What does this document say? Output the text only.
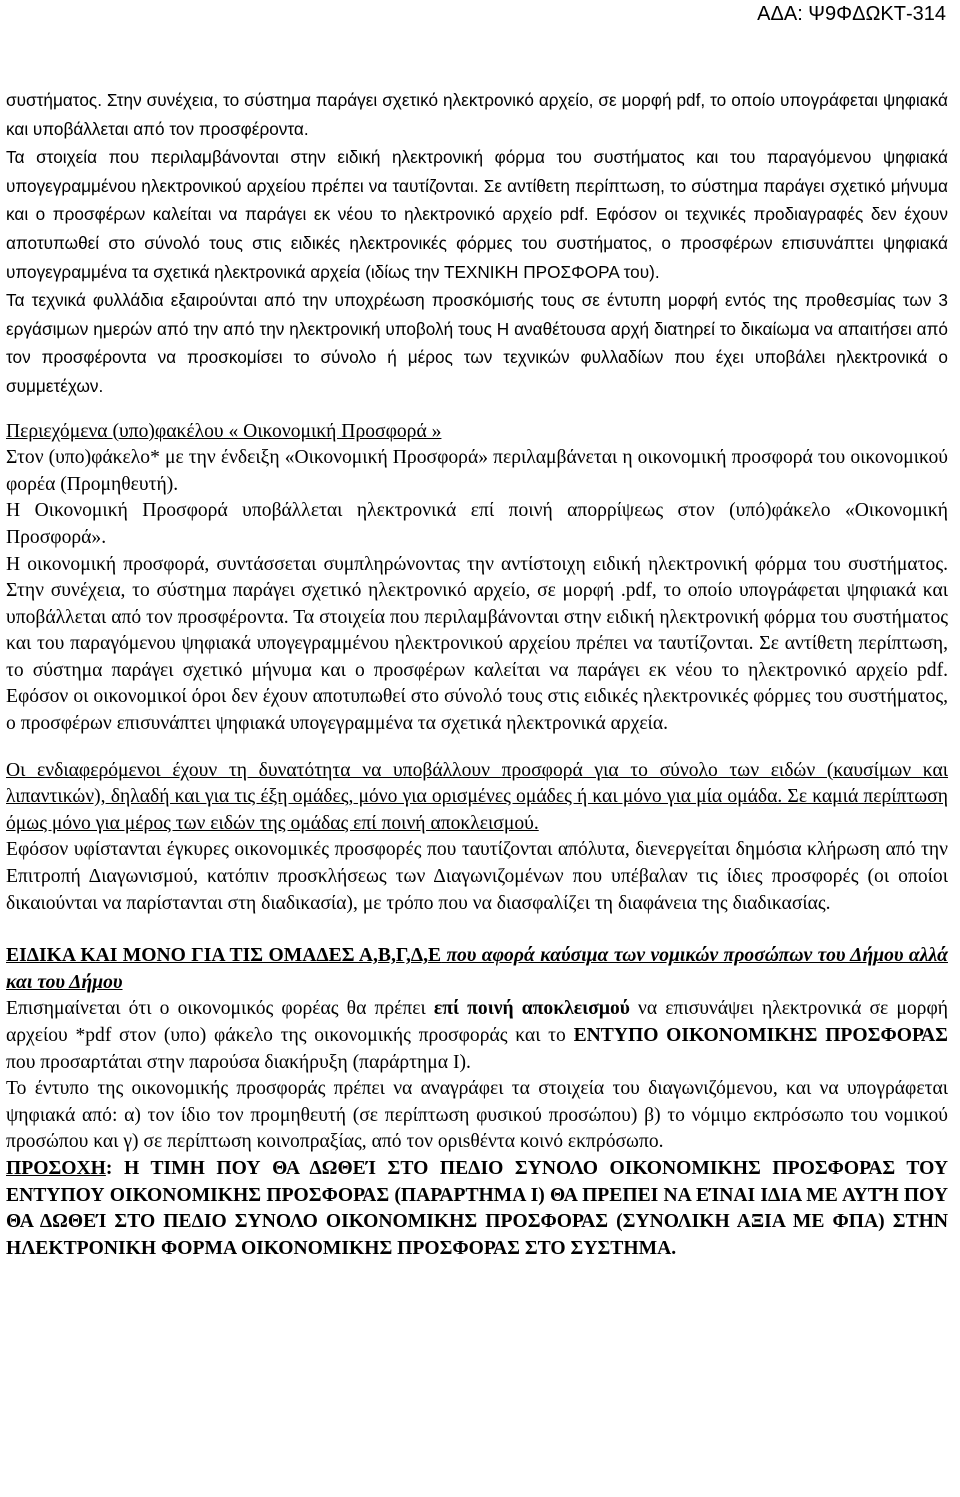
ΑΔΑ: Ψ9ΦΔΩΚΤ-314

συστήματος. Στην συνέχεια, το σύστημα παράγει σχετικό ηλεκτρονικό αρχείο, σε μορφή pdf, το οποίο υπογράφεται ψηφιακά και υποβάλλεται από τον προσφέροντα.

Τα στοιχεία που περιλαμβάνονται στην ειδική ηλεκτρονική φόρμα του συστήματος και του παραγόμενου ψηφιακά υπογεγραμμένου ηλεκτρονικού αρχείου πρέπει να ταυτίζονται. Σε αντίθετη περίπτωση, το σύστημα παράγει σχετικό μήνυμα και ο προσφέρων καλείται να παράγει εκ νέου το ηλεκτρονικό αρχείο pdf. Εφόσον οι τεχνικές προδιαγραφές δεν έχουν αποτυπωθεί στο σύνολό τους στις ειδικές ηλεκτρονικές φόρμες του συστήματος, ο προσφέρων επισυνάπτει ψηφιακά υπογεγραμμένα τα σχετικά ηλεκτρονικά αρχεία (ιδίως την ΤΕΧΝΙΚΗ ΠΡΟΣΦΟΡΑ του).

Τα τεχνικά φυλλάδια εξαιρούνται από την υποχρέωση προσκόμισής τους σε έντυπη μορφή εντός της προθεσμίας των 3 εργάσιμων ημερών από την από την ηλεκτρονική υποβολή τους Η αναθέτουσα αρχή διατηρεί το δικαίωμα να απαιτήσει από τον προσφέροντα να προσκομίσει το σύνολο ή μέρος των τεχνικών φυλλαδίων που έχει υποβάλει ηλεκτρονικά ο συμμετέχων.

Περιεχόμενα (υπο)φακέλου « Οικονομική Προσφορά »

Στον (υπο)φάκελο* με την ένδειξη «Οικονομική Προσφορά» περιλαμβάνεται η οικονομική προσφορά του οικονομικού φορέα (Προμηθευτή).

Η Οικονομική Προσφορά υποβάλλεται ηλεκτρονικά επί ποινή απορρίψεως στον (υπό)φάκελο «Οικονομική Προσφορά».

Η οικονομική προσφορά, συντάσσεται συμπληρώνοντας την αντίστοιχη ειδική ηλεκτρονική φόρμα του συστήματος. Στην συνέχεια, το σύστημα παράγει σχετικό ηλεκτρονικό αρχείο, σε μορφή .pdf, το οποίο υπογράφεται ψηφιακά και υποβάλλεται από τον προσφέροντα. Τα στοιχεία που περιλαμβάνονται στην ειδική ηλεκτρονική φόρμα του συστήματος και του παραγόμενου ψηφιακά υπογεγραμμένου ηλεκτρονικού αρχείου πρέπει να ταυτίζονται. Σε αντίθετη περίπτωση, το σύστημα παράγει σχετικό μήνυμα και ο προσφέρων καλείται να παράγει εκ νέου το ηλεκτρονικό αρχείο pdf. Εφόσον οι οικονομικοί όροι δεν έχουν αποτυπωθεί στο σύνολό τους στις ειδικές ηλεκτρονικές φόρμες του συστήματος, ο προσφέρων επισυνάπτει ψηφιακά υπογεγραμμένα τα σχετικά ηλεκτρονικά αρχεία.

Οι ενδιαφερόμενοι έχουν τη δυνατότητα να υποβάλλουν προσφορά για το σύνολο των ειδών (καυσίμων και λιπαντικών), δηλαδή και για τις έξη ομάδες, μόνο για ορισμένες ομάδες ή και μόνο για μία ομάδα. Σε καμιά περίπτωση όμως μόνο για μέρος των ειδών της ομάδας επί ποινή αποκλεισμού.

Εφόσον υφίστανται έγκυρες οικονομικές προσφορές που ταυτίζονται απόλυτα, διενεργείται δημόσια κλήρωση από την Επιτροπή Διαγωνισμού, κατόπιν προσκλήσεως των Διαγωνιζομένων που υπέβαλαν τις ίδιες προσφορές (οι οποίοι δικαιούνται να παρίστανται στη διαδικασία), με τρόπο που να διασφαλίζει τη διαφάνεια της διαδικασίας.

ΕΙΔΙΚΑ ΚΑΙ ΜΟΝΟ ΓΙΑ ΤΙΣ ΟΜΑΔΕΣ Α,Β,Γ,Δ,Ε που αφορά καύσιμα των νομικών προσώπων του Δήμου αλλά και του Δήμου

Επισημαίνεται ότι ο οικονομικός φορέας θα πρέπει επί ποινή αποκλεισμού να επισυνάψει ηλεκτρονικά σε μορφή αρχείου *pdf στον (υπο) φάκελο της οικονομικής προσφοράς και το ΕΝΤΥΠΟ ΟΙΚΟΝΟΜΙΚΗΣ ΠΡΟΣΦΟΡΑΣ που προσαρτάται στην παρούσα διακήρυξη (παράρτημα Ι).

Το έντυπο της οικονομικής προσφοράς πρέπει να αναγράφει τα στοιχεία του διαγωνιζόμενου, και να υπογράφεται ψηφιακά από: α) τον ίδιο τον προμηθευτή (σε περίπτωση φυσικού προσώπου) β) το νόμιμο εκπρόσωπο του νομικού προσώπου και γ) σε περίπτωση κοινοπραξίας, από τον οριsθέντα κοινό εκπρόσωπο.

ΠΡΟΣΟΧΗ: Η ΤΙΜΗ ΠΟΥ ΘΑ ΔΩΘΕΊ ΣΤΟ ΠΕΔΙΟ ΣΥΝΟΛΟ ΟΙΚΟΝΟΜΙΚΗΣ ΠΡΟΣΦΟΡΑΣ ΤΟΥ ΕΝΤΥΠΟΥ ΟΙΚΟΝΟΜΙΚΗΣ ΠΡΟΣΦΟΡΑΣ (ΠΑΡΑΡΤΗΜΑ Ι) ΘΑ ΠΡΕΠΕΙ ΝΑ ΕΊΝΑΙ ΙΔΙΑ ΜΕ ΑΥΤΉ ΠΟΥ ΘΑ ΔΩΘΕΊ ΣΤΟ ΠΕΔΙΟ ΣΥΝΟΛΟ ΟΙΚΟΝΟΜΙΚΗΣ ΠΡΟΣΦΟΡΑΣ (ΣΥΝΟΛΙΚΗ ΑΞΙΑ ΜΕ ΦΠΑ) ΣΤΗΝ ΗΛΕΚΤΡΟΝΙΚΗ ΦΟΡΜΑ ΟΙΚΟΝΟΜΙΚΗΣ ΠΡΟΣΦΟΡΑΣ ΣΤΟ ΣΥΣΤΗΜΑ.
